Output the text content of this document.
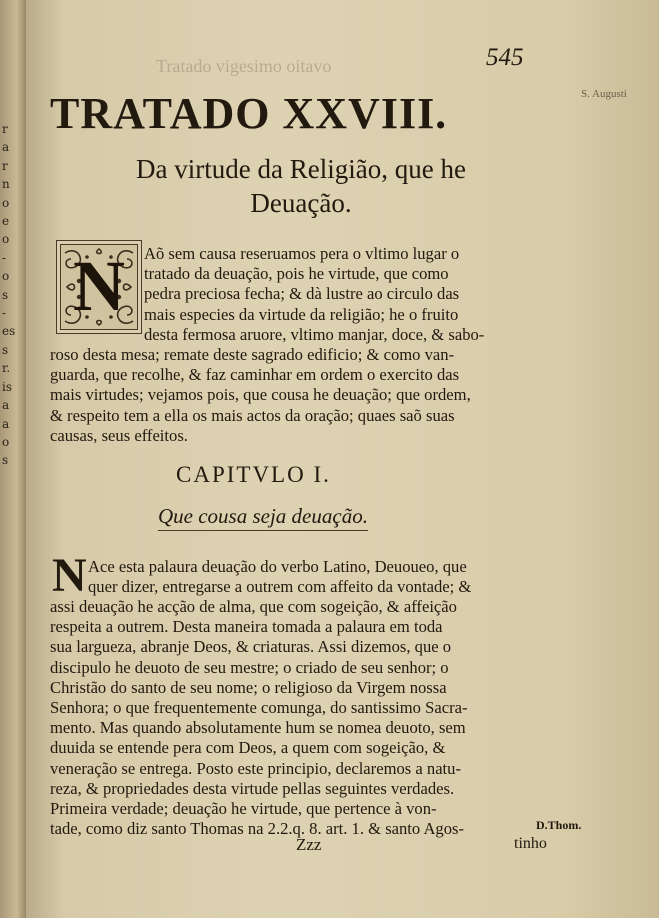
r
a
r
n
o
e
o
-
o
s
-
es
s
r.
is
a
a
o
s
Tratado vigesimo oitavo	545
S. Augusti
TRATADO XXVIII.
Da virtude da Religião, que he
Deuação.
N	Aõ sem causa reseruamos pera o vltimo lugar o
tratado da deuação, pois he virtude, que como
pedra preciosa fecha; & dà lustre ao circulo das
mais especies da virtude da religião; he o fruito
desta fermosa aruore, vltimo manjar, doce, & sabo-
roso desta mesa; remate deste sagrado edificio; & como van-
guarda, que recolhe, & faz caminhar em ordem o exercito das
mais virtudes; vejamos pois, que cousa he deuação; que ordem,
& respeito tem a ella os mais actos da oração; quaes saõ suas
causas, seus effeitos.
CAPITVLO I.
Que cousa seja deuação.
N Ace esta palaura deuação do verbo Latino, Deuoueo, que
quer dizer, entregarse a outrem com affeito da vontade; &
assi deuação he acção de alma, que com sogeição, & affeição
respeita a outrem. Desta maneira tomada a palaura em toda
sua largueza, abranje Deos, & criaturas. Assi dizemos, que o
discipulo he deuoto de seu mestre; o criado de seu senhor; o
Christão do santo de seu nome; o religioso da Virgem nossa
Senhora; o que frequentemente comunga, do santissimo Sacra-
mento. Mas quando absolutamente hum se nomea deuoto, sem
duuida se entende pera com Deos, a quem com sogeição, &
veneração se entrega. Posto este principio, declaremos a natu-
reza, & propriedades desta virtude pellas seguintes verdades.
Primeira verdade; deuação he virtude, que pertence à von-
tade, como diz santo Thomas na 2.2.q. 8. art. 1. & santo Agos-	D.Thom.
Zzz	tinho
